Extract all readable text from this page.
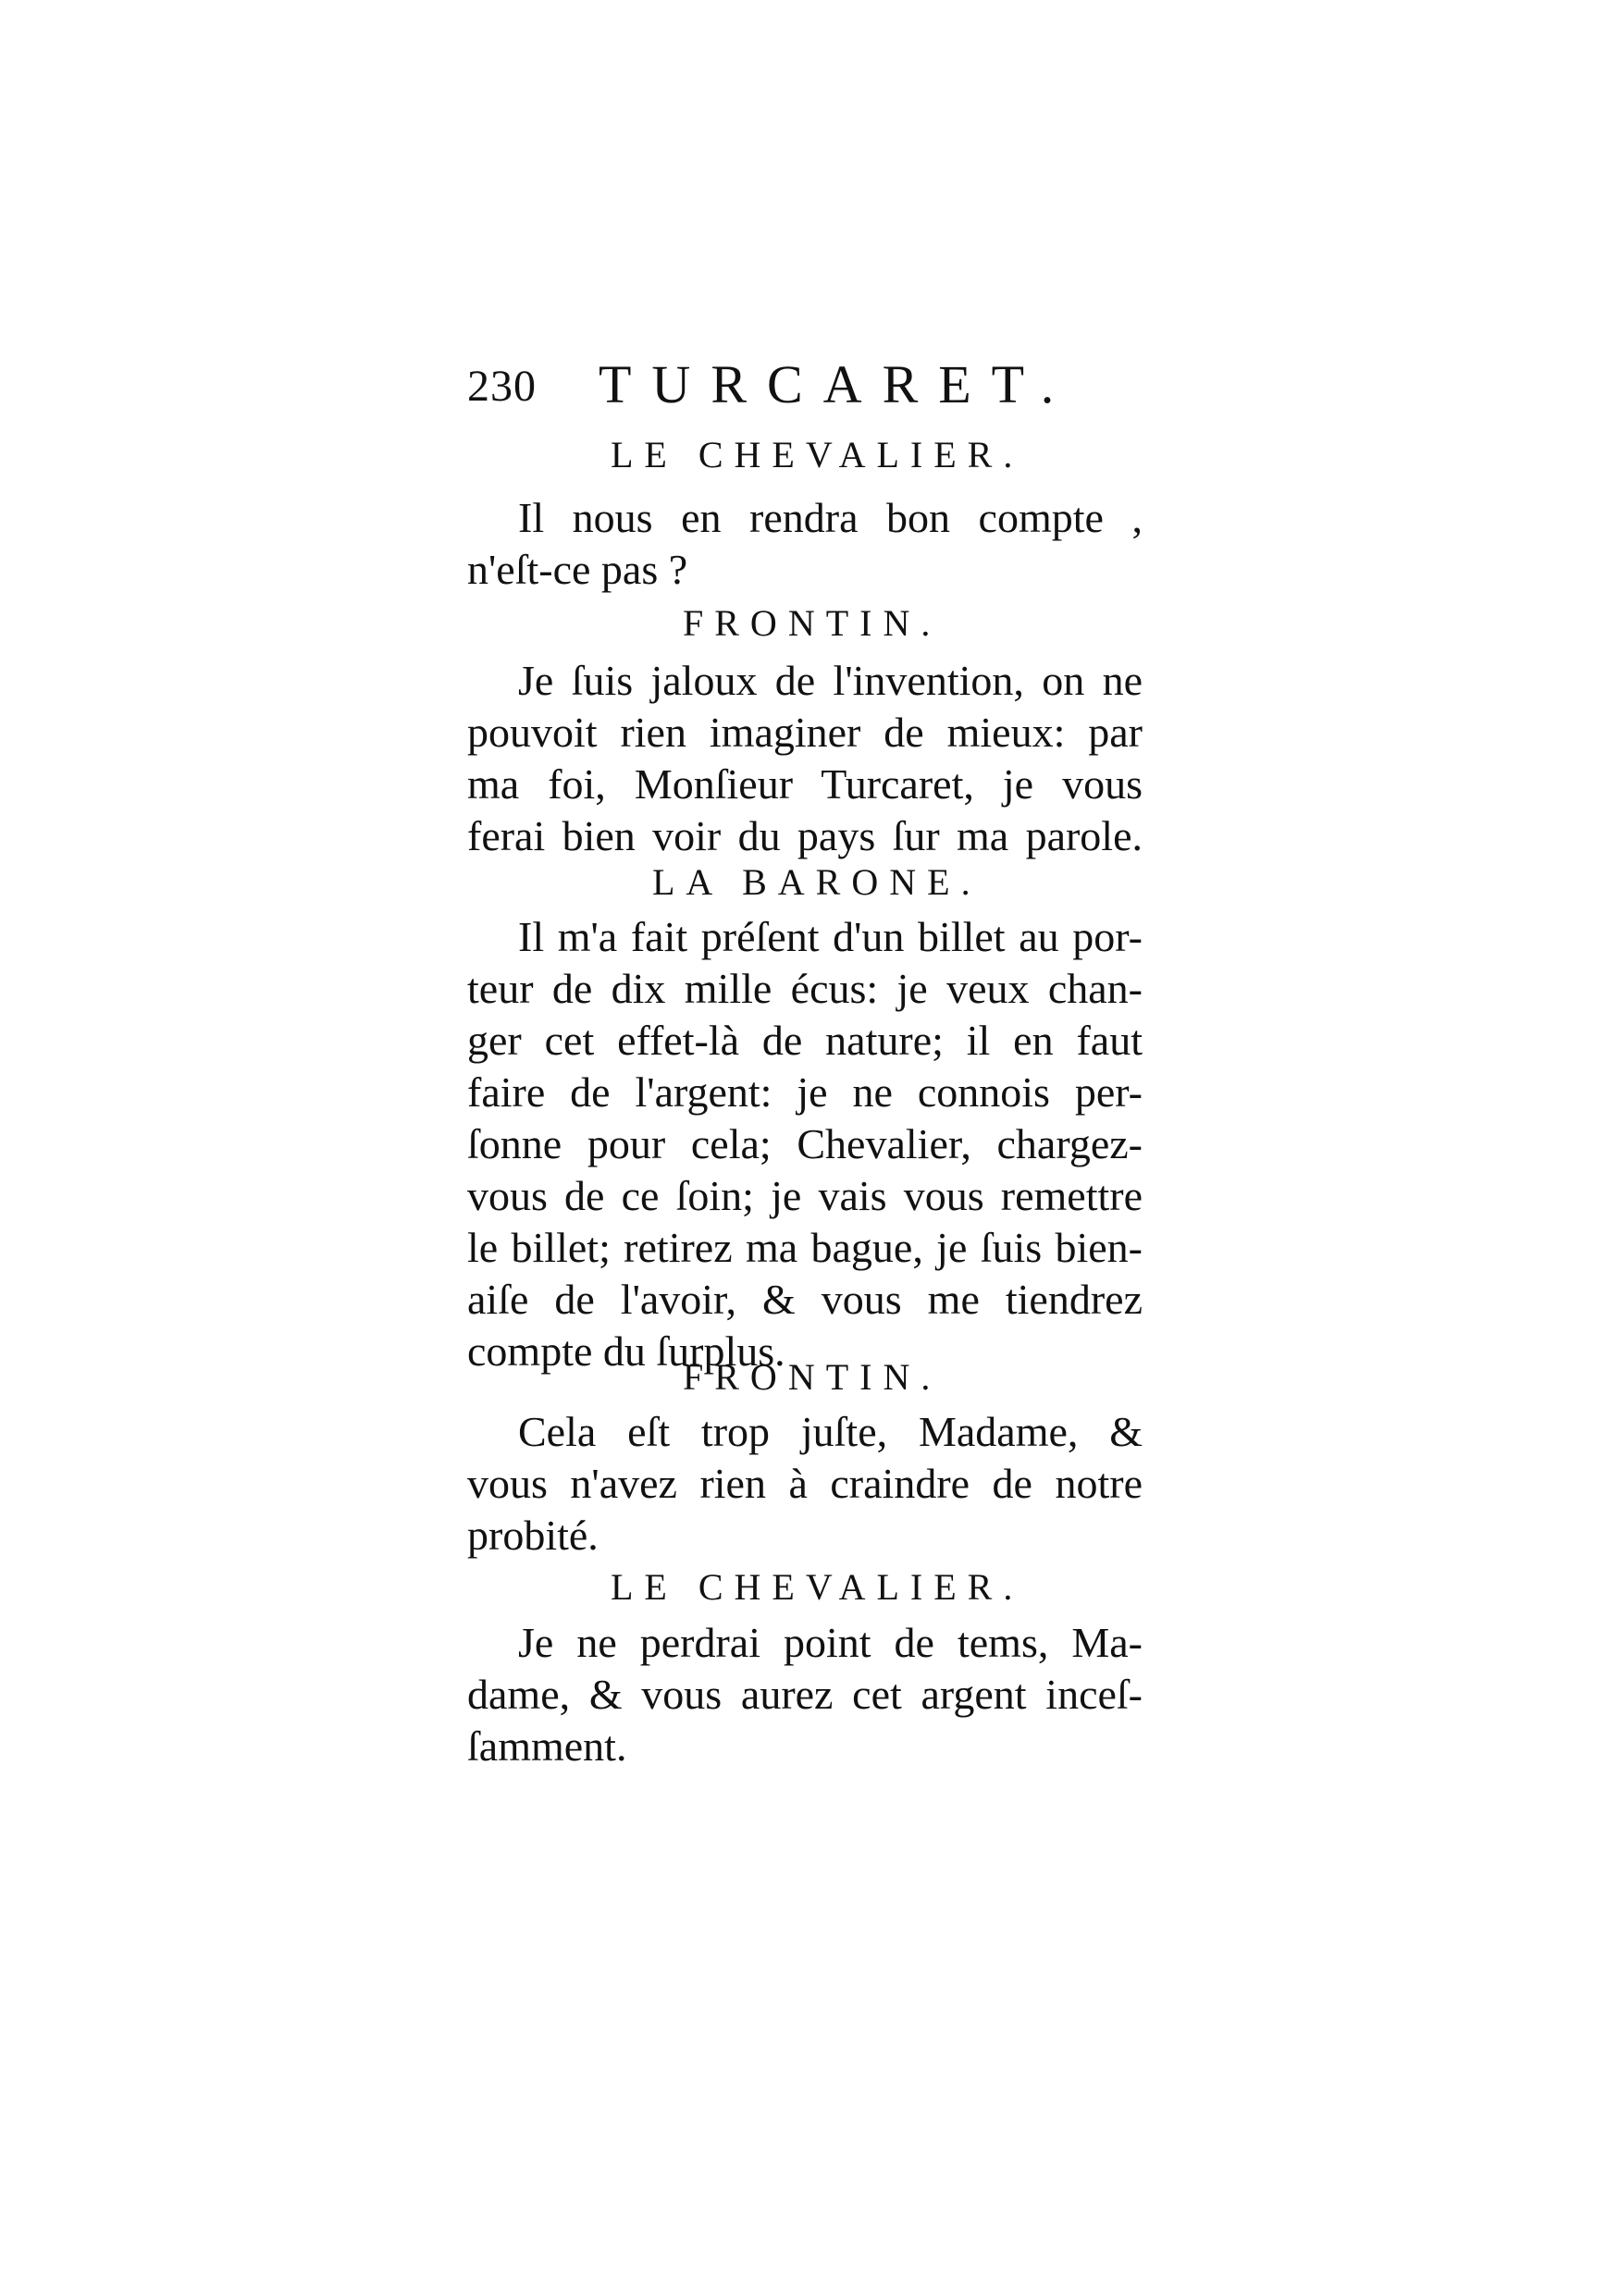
230 TURCARET.
LE CHEVALIER.
Il nous en rendra bon compte ,
n'eſt-ce pas ?
FRONTIN.
Je ſuis jaloux de l'invention, on ne
pouvoit rien imaginer de mieux: par
ma foi, Monſieur Turcaret, je vous
ferai bien voir du pays ſur ma parole.
LA BARONE.
Il m'a fait préſent d'un billet au por-
teur de dix mille écus: je veux chan-
ger cet effet-là de nature; il en faut
faire de l'argent: je ne connois per-
ſonne pour cela; Chevalier, chargez-
vous de ce ſoin; je vais vous remettre
le billet; retirez ma bague, je ſuis bien-
aiſe de l'avoir, & vous me tiendrez
compte du ſurplus.
FRONTIN.
Cela eſt trop juſte, Madame, &
vous n'avez rien à craindre de notre
probité.
LE CHEVALIER.
Je ne perdrai point de tems, Ma-
dame, & vous aurez cet argent inceſ-
ſamment.
